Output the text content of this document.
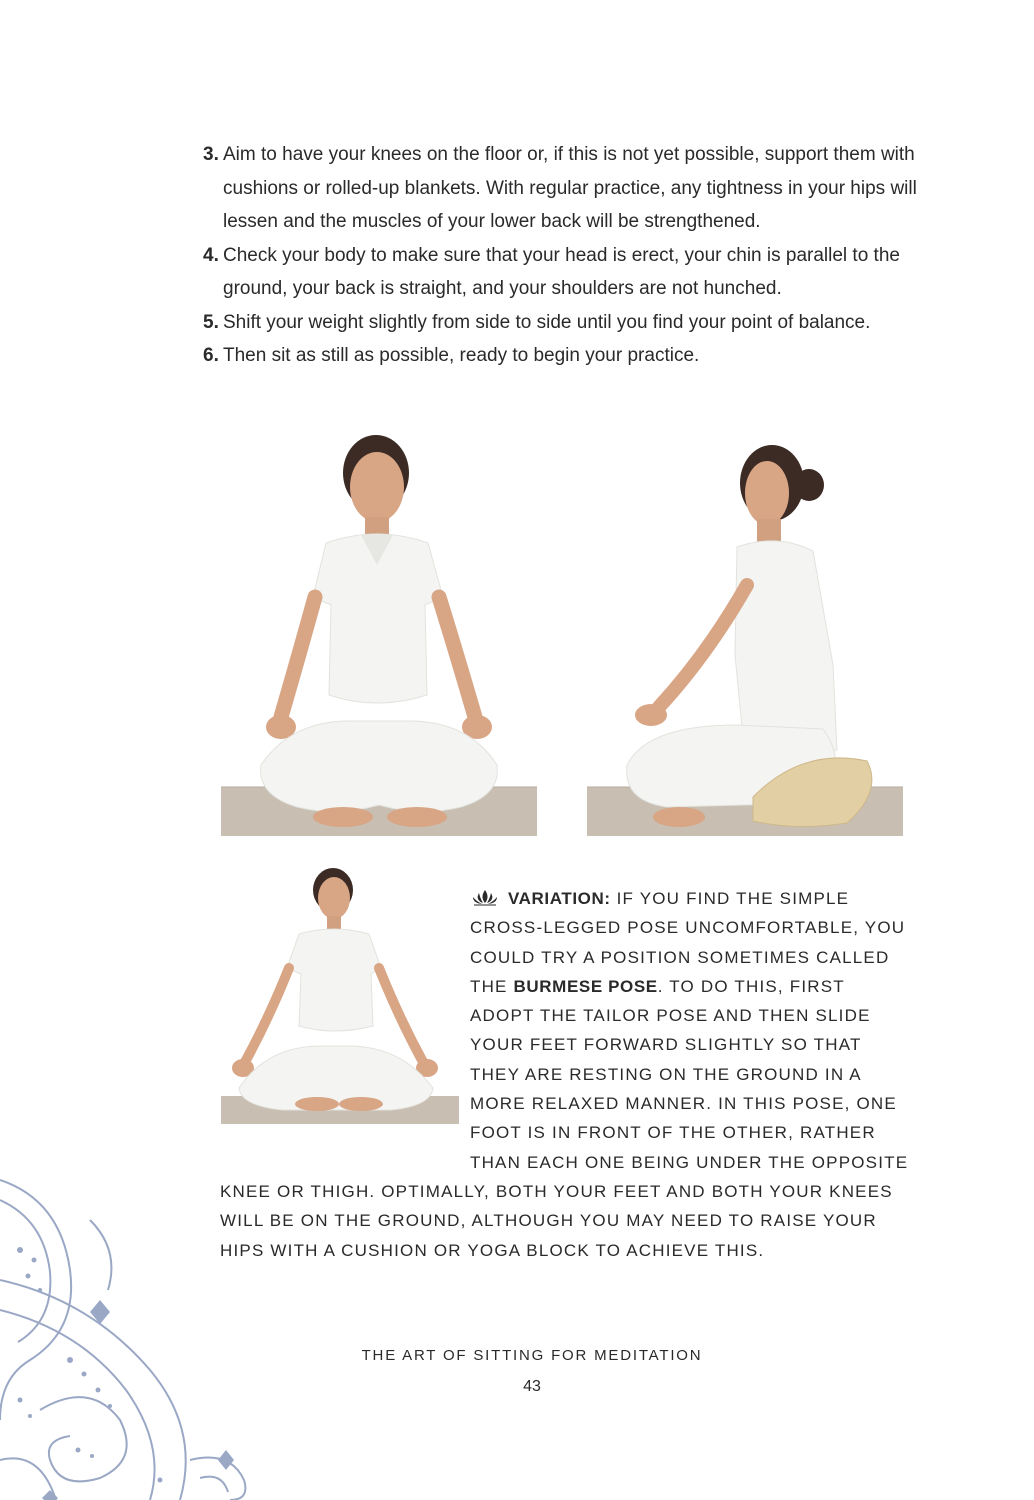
3. Aim to have your knees on the floor or, if this is not yet possible, support them with cushions or rolled-up blankets. With regular practice, any tightness in your hips will lessen and the muscles of your lower back will be strengthened.
4. Check your body to make sure that your head is erect, your chin is parallel to the ground, your back is straight, and your shoulders are not hunched.
5. Shift your weight slightly from side to side until you find your point of balance.
6. Then sit as still as possible, ready to begin your practice.
VARIATION: IF YOU FIND THE SIMPLE CROSS-LEGGED POSE UNCOMFORTABLE, YOU COULD TRY A POSITION SOMETIMES CALLED THE BURMESE POSE. TO DO THIS, FIRST ADOPT THE TAILOR POSE AND THEN SLIDE YOUR FEET FORWARD SLIGHTLY SO THAT THEY ARE RESTING ON THE GROUND IN A MORE RELAXED MANNER. IN THIS POSE, ONE FOOT IS IN FRONT OF THE OTHER, RATHER THAN EACH ONE BEING UNDER THE OPPOSITE KNEE OR THIGH. OPTIMALLY, BOTH YOUR FEET AND BOTH YOUR KNEES WILL BE ON THE GROUND, ALTHOUGH YOU MAY NEED TO RAISE YOUR HIPS WITH A CUSHION OR YOGA BLOCK TO ACHIEVE THIS.
THE ART OF SITTING FOR MEDITATION
43
